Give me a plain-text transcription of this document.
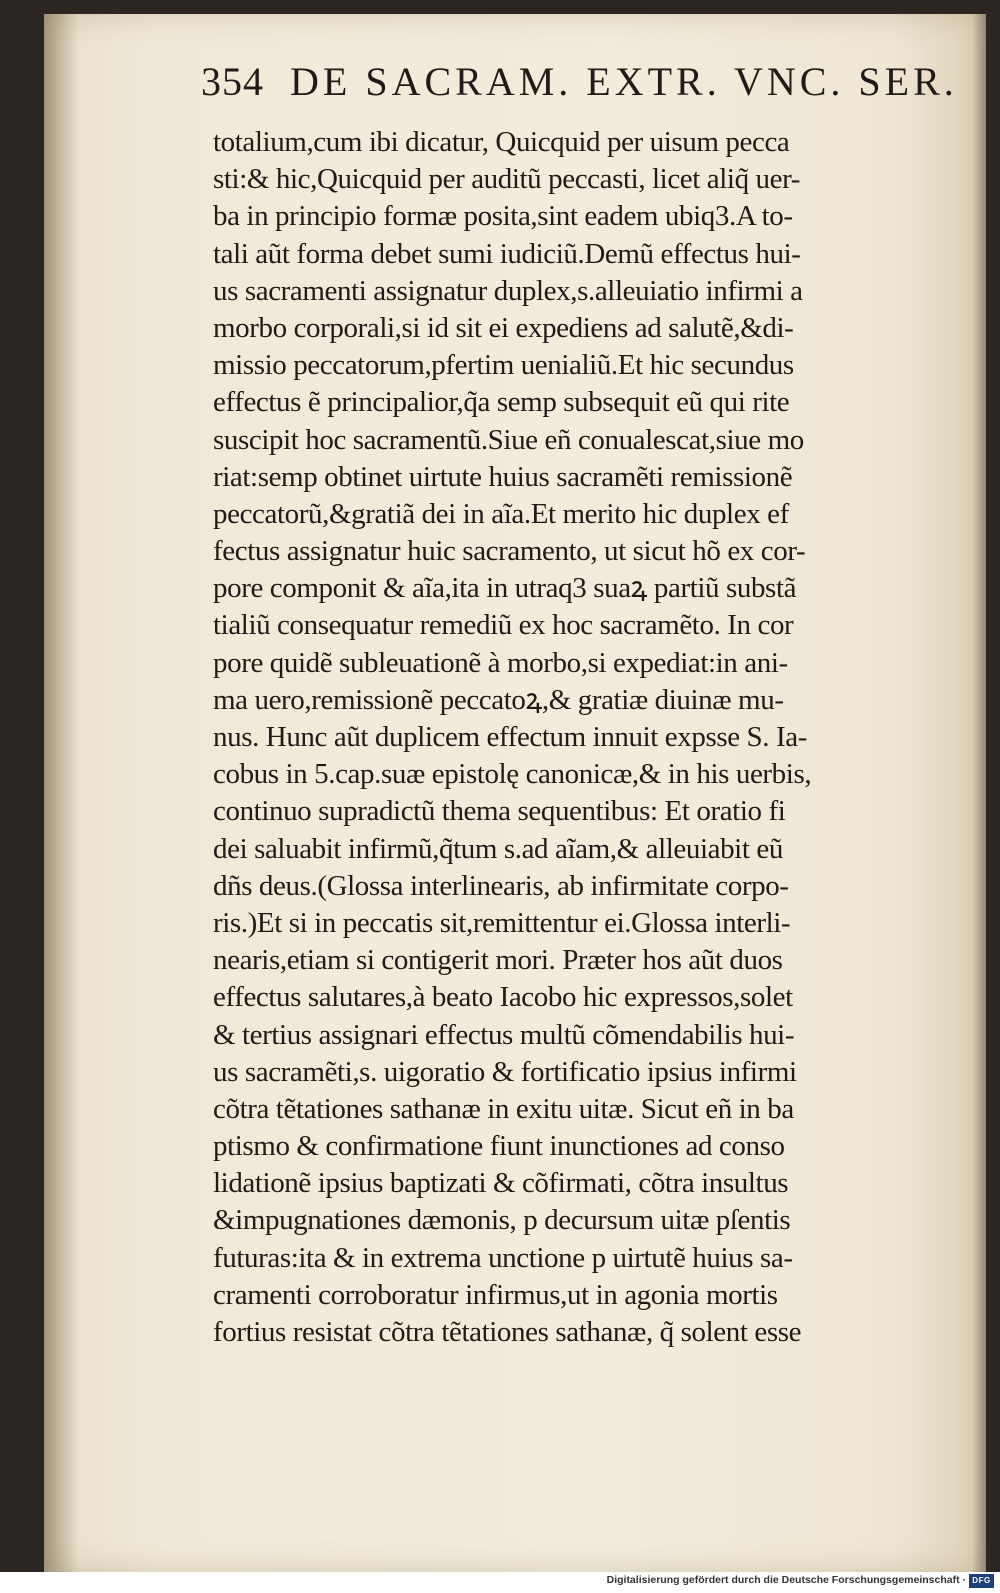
354 DE SACRAM. EXTR. VNC. SER.
totalium,cum ibi dicatur, Quicquid per uisum pecca
sti:& hic,Quicquid per auditũ peccasti, licet aliq̃ uer-
ba in principio formæ posita,sint eadem ubiq3.A to-
tali aũt forma debet sumi iudiciũ.Demũ effectus hui-
us sacramenti assignatur duplex,s.alleuiatio infirmi a
morbo corporali,si id sit ei expediens ad salutẽ,&di-
missio peccatorum,pfertim uenialiũ.Et hic secundus
effectus ẽ principalior,q̃a semp subsequit eũ qui rite
suscipit hoc sacramentũ.Siue eñ conualescat,siue mo
riat:semp obtinet uirtute huius sacramẽti remissionẽ
peccatorũ,&gratiã dei in aĩa.Et merito hic duplex ef
fectus assignatur huic sacramento, ut sicut hõ ex cor-
pore componit & aĩa,ita in utraq3 suaꝝ partiũ substã
tialiũ consequatur remediũ ex hoc sacramẽto. In cor
pore quidẽ subleuationẽ à morbo,si expediat:in ani-
ma uero,remissionẽ peccatoꝝ,& gratiæ diuinæ mu-
nus. Hunc aũt duplicem effectum innuit expsse S. Ia-
cobus in 5.cap.suæ epistolę canonicæ,& in his uerbis,
continuo supradictũ thema sequentibus: Et oratio fi
dei saluabit infirmũ,q̃tum s.ad aĩam,& alleuiabit eũ
dñs deus.(Glossa interlinearis, ab infirmitate corpo-
ris.)Et si in peccatis sit,remittentur ei.Glossa interli-
nearis,etiam si contigerit mori. Præter hos aũt duos
effectus salutares,à beato Iacobo hic expressos,solet
& tertius assignari effectus multũ cõmendabilis hui-
us sacramẽti,s. uigoratio & fortificatio ipsius infirmi
cõtra tẽtationes sathanæ in exitu uitæ. Sicut eñ in ba
ptismo & confirmatione fiunt inunctiones ad conso
lidationẽ ipsius baptizati & cõfirmati, cõtra insultus
&impugnationes dæmonis, p decursum uitæ pſentis
futuras:ita & in extrema unctione p uirtutẽ huius sa-
cramenti corroboratur infirmus,ut in agonia mortis
fortius resistat cõtra tẽtationes sathanæ, q̃ solent esse
Digitalisierung gefördert durch die Deutsche Forschungsgemeinschaft · DFG
